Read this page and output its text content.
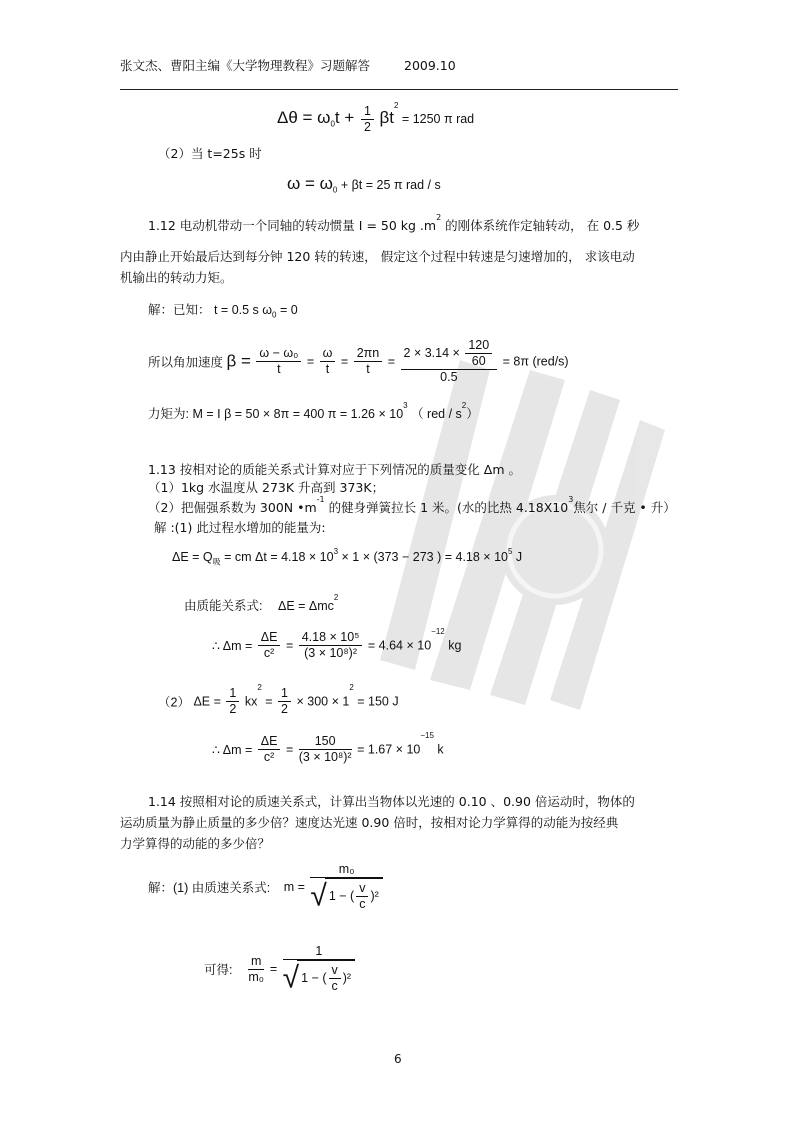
张文杰、曹阳主编《大学物理教程》习题解答	2009.10
$\Delta\theta = \omega_0t + \frac{1}{2} \beta t^2 = 1250$ π rad
（2）当 t=25s 时
$\omega = \omega_0 + \beta t = 25$ π rad / s
1.12 电动机带动一个同轴的转动惯量 I = 50 kg $.m^2$ 的刚体系统作定轴转动， 在 0.5 秒
内由静止开始最后达到每分钟 120 转的转速， 假定这个过程中转速是匀速增加的， 求该电动
机输出的转动力矩。
解：已知： t = 0.5 s $\omega_0 = 0$
所以角加速度 $\beta = \frac{\text{ω − ω₀}}{t} = \frac{\omega}{t} = \frac{2\pi n}{t} = \frac{2 \times 3.14 \times \frac{120}{60}}{0.5} = 8\pi$ (red/s)
力矩为: M = I β = 50 × 8π = 400 $\pi = 1.26 \times 10^3$ （ red / $s^2$）
1.13 按相对论的质能关系式计算对应于下列情况的质量变化 Δm 。
（1）1kg 水温度从 273K 升高到 373K；
（2）把倔强系数为 300N $•m^{-1}$ 的健身弹簧拉长 1 米。(水的比热 $4.18X10^3$焦尔 / 千克 • 升）
解 :(1) 此过程水增加的能量为:
$\Delta E = Q_吸$ = cm $\Delta t = 4.18 \times 10^3 \times 1 \times (373 - 273$ ) = $4.18 \times 10^5$ J
由质能关系式: ΔE = Δmc$^2$
∴ $\Delta m = \frac{\Delta E}{\text{c²}} = \frac{\text{4.18 × 10⁵}}{\text{(3 × 10⁸)²}} = 4.64 \times 10^{-12}$ kg
（2） $\Delta E = \frac{1}{2} kx^2 = \frac{1}{2} \times 300 \times 1^2 = 150$ J
∴ $\Delta m = \frac{\Delta E}{\text{c²}} = \frac{150}{\text{(3 × 10⁸)²}} = 1.67 \times 10^{-15}$ k
1.14 按照相对论的质速关系式，计算出当物体以光速的 0.10 、0.90 倍运动时，物体的
运动质量为静止质量的多少倍？速度达光速 0.90 倍时，按相对论力学算得的动能为按经典
力学算得的动能的多少倍？
解：(1) 由质速关系式: $m = \frac{\text{m₀}}{√ 1 - ( \frac{v}{c} )^2}$
可得: $\frac{m}{\text{m₀}} = \frac{1}{√ 1 - ( \frac{v}{c} )^2}$
6
